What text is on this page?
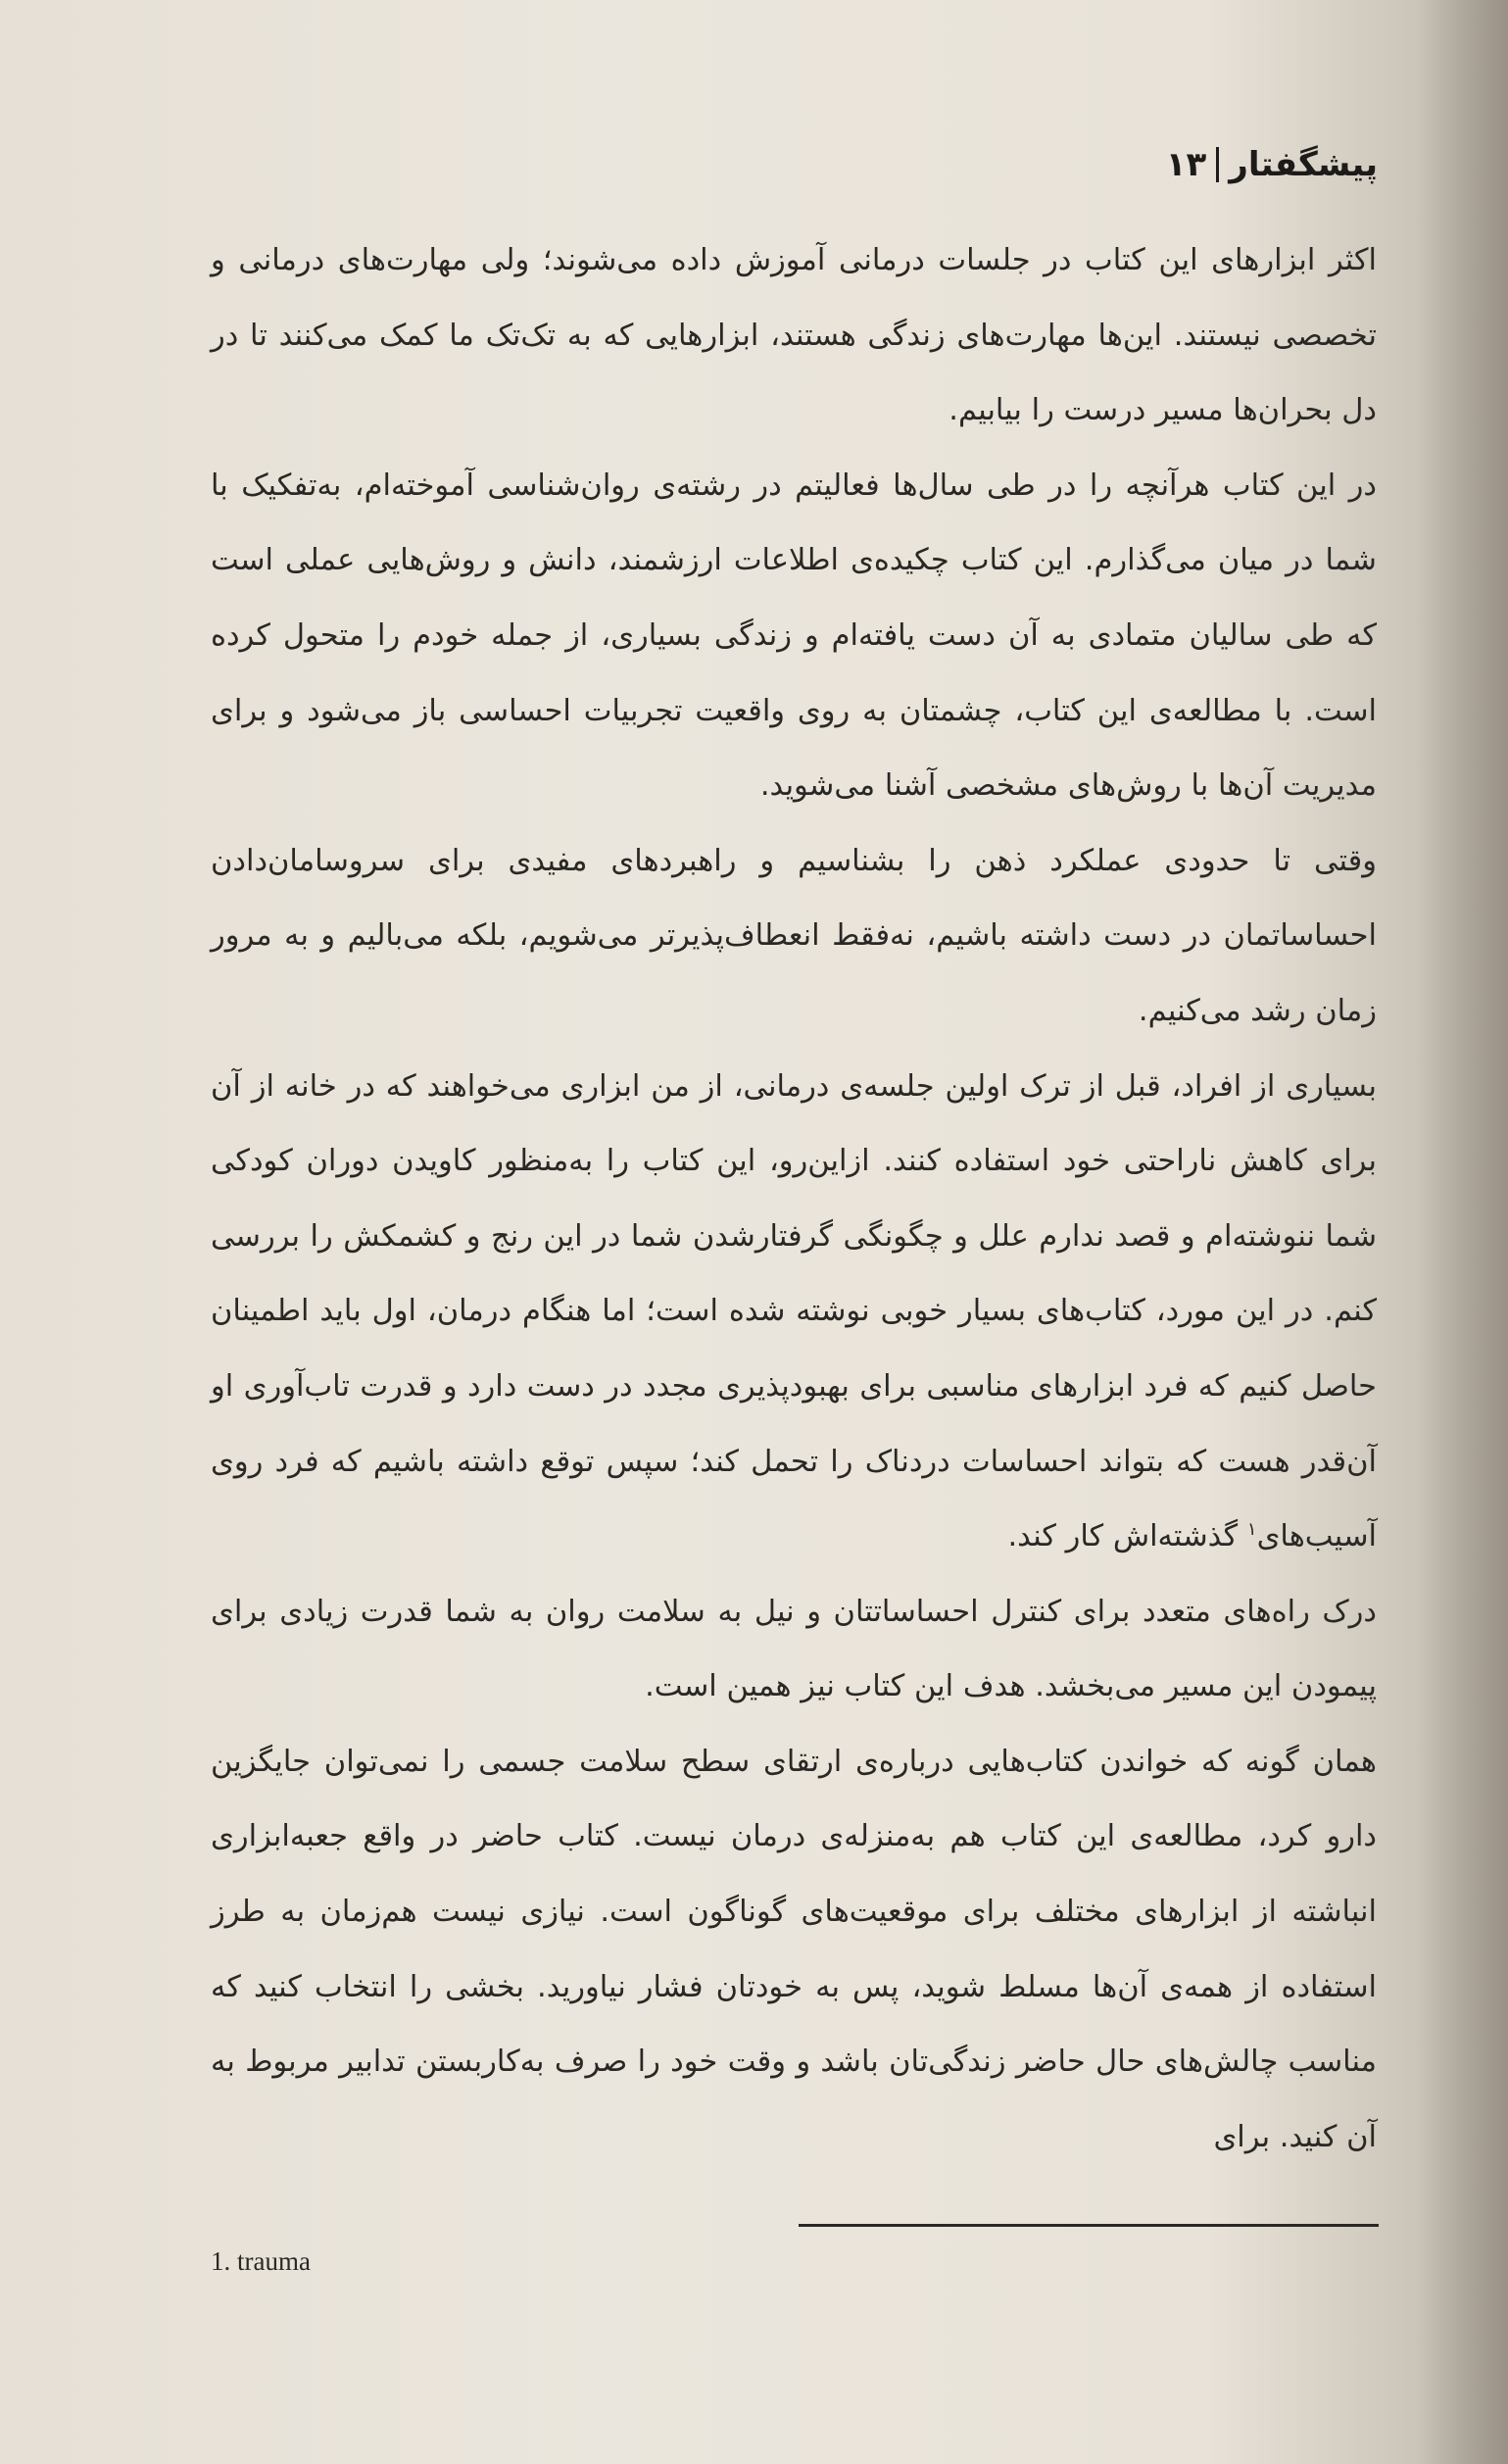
پیشگفتار
۱۳

اکثر ابزارهای این کتاب در جلسات درمانی آموزش داده می‌شوند؛ ولی مهارت‌های درمانی و تخصصی نیستند. این‌ها مهارت‌های زندگی هستند، ابزارهایی که به تک‌تک ما کمک می‌کنند تا در دل بحران‌ها مسیر درست را بیابیم.

در این کتاب هرآنچه را در طی سال‌ها فعالیتم در رشته‌ی روان‌شناسی آموخته‌ام، به‌تفکیک با شما در میان می‌گذارم. این کتاب چکیده‌ی اطلاعات ارزشمند، دانش و روش‌هایی عملی است که طی سالیان متمادی به آن دست یافته‌ام و زندگی بسیاری، از جمله خودم را متحول کرده است. با مطالعه‌ی این کتاب، چشمتان به روی واقعیت تجربیات احساسی باز می‌شود و برای مدیریت آن‌ها با روش‌های مشخصی آشنا می‌شوید.

وقتی تا حدودی عملکرد ذهن را بشناسیم و راهبردهای مفیدی برای سروسامان‌دادن احساساتمان در دست داشته باشیم، نه‌فقط انعطاف‌پذیرتر می‌شویم، بلکه می‌بالیم و به مرور زمان رشد می‌کنیم.

بسیاری از افراد، قبل از ترک اولین جلسه‌ی درمانی، از من ابزاری می‌خواهند که در خانه از آن برای کاهش ناراحتی خود استفاده کنند. ازاین‌رو، این کتاب را به‌منظور کاویدن دوران کودکی شما ننوشته‌ام و قصد ندارم علل و چگونگی گرفتارشدن شما در این رنج و کشمکش را بررسی کنم. در این مورد، کتاب‌های بسیار خوبی نوشته شده است؛ اما هنگام درمان، اول باید اطمینان حاصل کنیم که فرد ابزارهای مناسبی برای بهبودپذیری مجدد در دست دارد و قدرت تاب‌آوری او آن‌قدر هست که بتواند احساسات دردناک را تحمل کند؛ سپس توقع داشته باشیم که فرد روی آسیب‌های$^۱$ گذشته‌اش کار کند.

درک راه‌های متعدد برای کنترل احساساتتان و نیل به سلامت روان به شما قدرت زیادی برای پیمودن این مسیر می‌بخشد. هدف این کتاب نیز همین است.

همان گونه که خواندن کتاب‌هایی درباره‌ی ارتقای سطح سلامت جسمی را نمی‌توان جایگزین دارو کرد، مطالعه‌ی این کتاب هم به‌منزله‌ی درمان نیست. کتاب حاضر در واقع جعبه‌ابزاری انباشته از ابزارهای مختلف برای موقعیت‌های گوناگون است. نیازی نیست هم‌زمان به طرز استفاده از همه‌ی آن‌ها مسلط شوید، پس به خودتان فشار نیاورید. بخشی را انتخاب کنید که مناسب چالش‌های حال حاضر زندگی‌تان باشد و وقت خود را صرف به‌کاربستن تدابیر مربوط به آن کنید. برای

1. trauma
